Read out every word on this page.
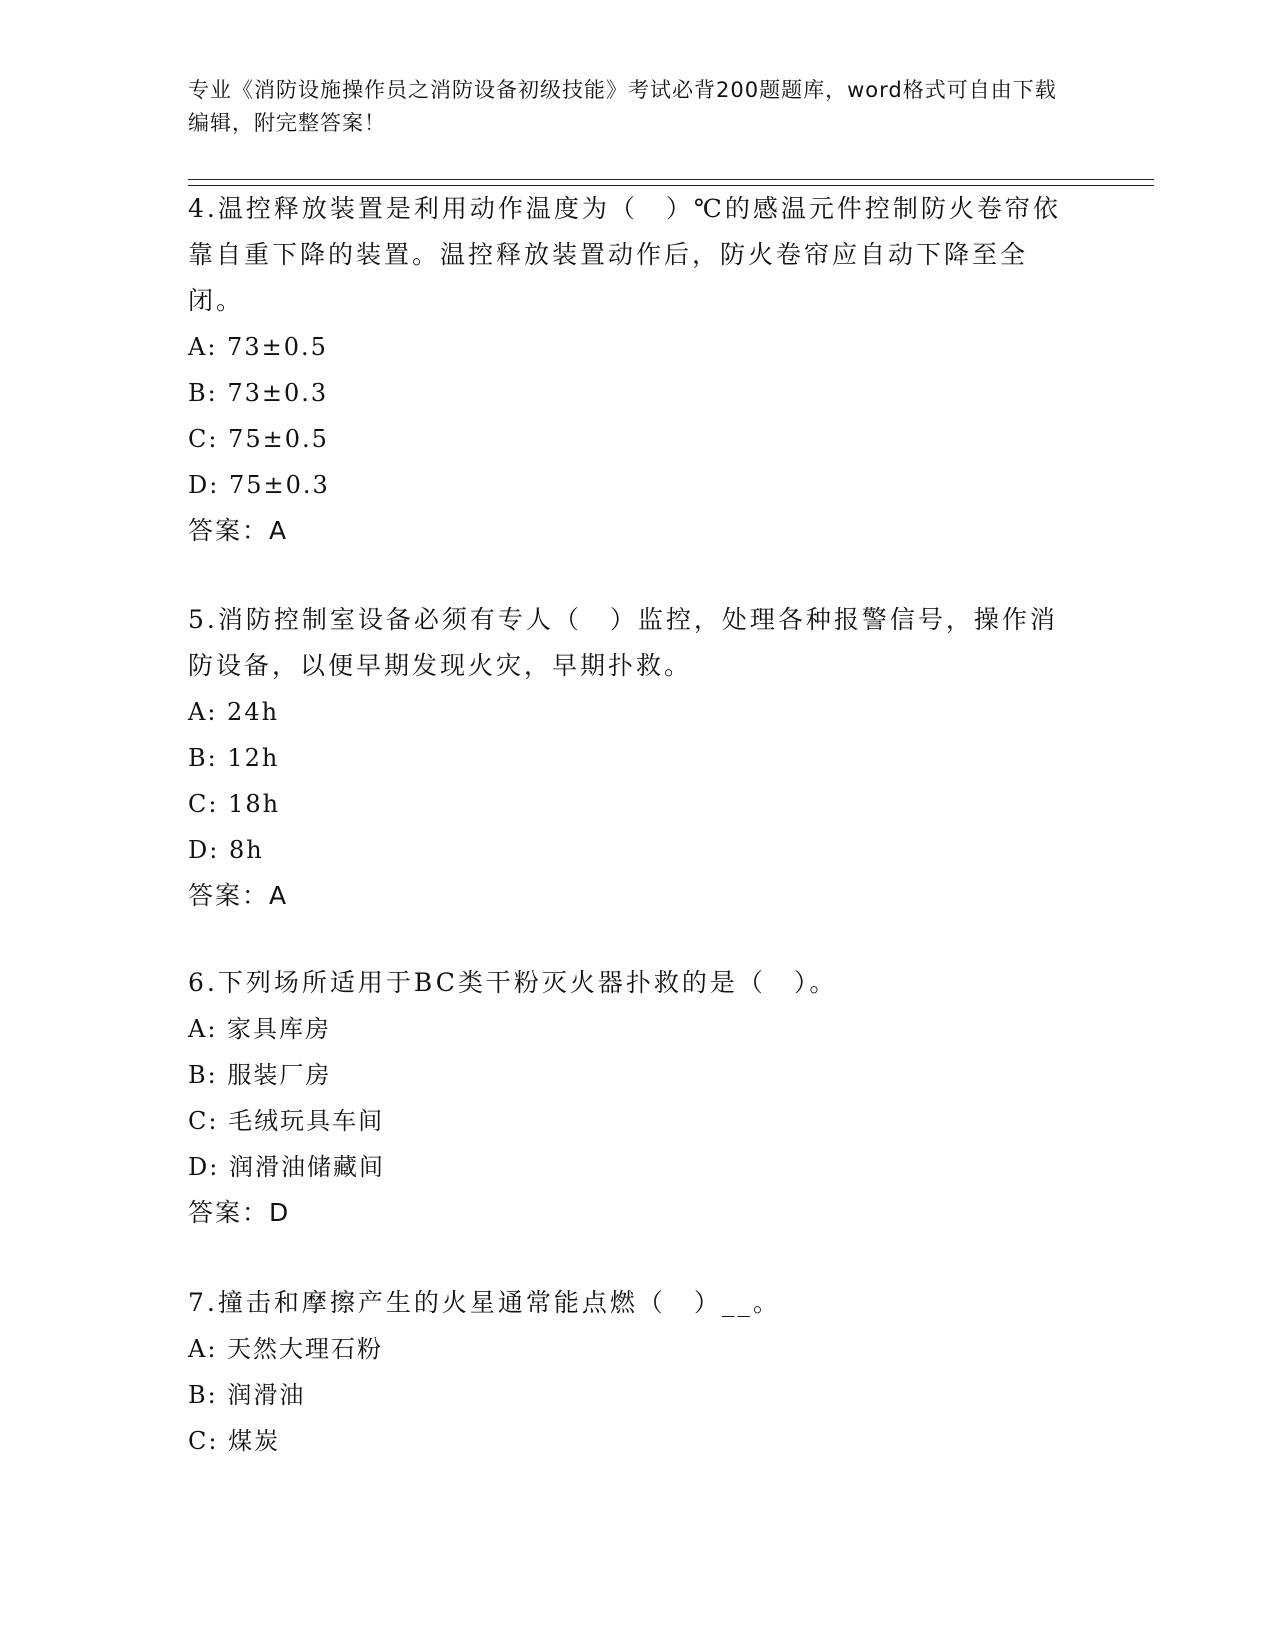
专业《消防设施操作员之消防设备初级技能》考试必背200题题库，word格式可自由下载编辑，附完整答案！

4.温控释放装置是利用动作温度为（　）℃的感温元件控制防火卷帘依靠自重下降的装置。温控释放装置动作后，防火卷帘应自动下降至全闭。

A: 73±0.5

B: 73±0.3

C: 75±0.5

D: 75±0.3

答案：A

5.消防控制室设备必须有专人（　）监控，处理各种报警信号，操作消防设备，以便早期发现火灾，早期扑救。

A: 24h

B: 12h

C: 18h

D: 8h

答案：A

6.下列场所适用于BC类干粉灭火器扑救的是（　）。

A: 家具库房

B: 服装厂房

C: 毛绒玩具车间

D: 润滑油储藏间

答案：D

7.撞击和摩擦产生的火星通常能点燃（　）__。

A: 天然大理石粉

B: 润滑油

C: 煤炭
